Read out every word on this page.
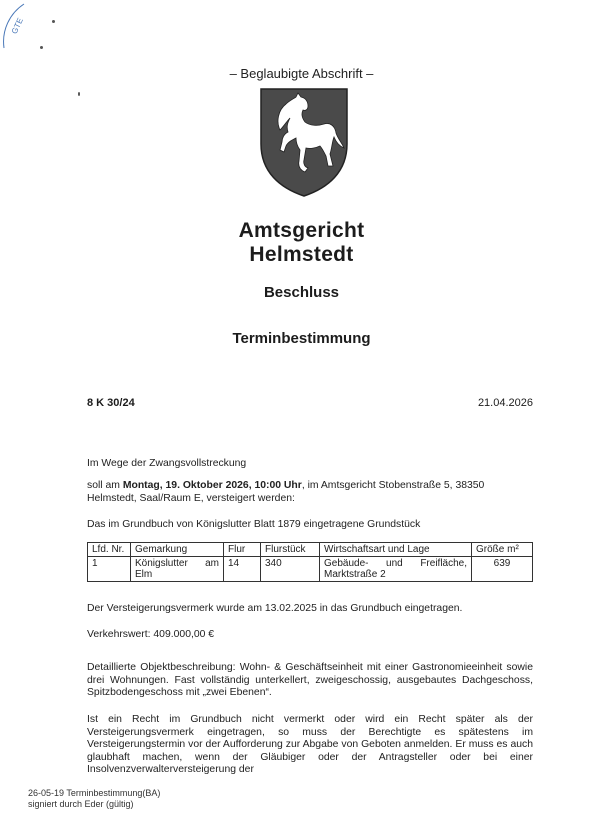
GTE
– Beglaubigte Abschrift –
Amtsgericht
Helmstedt
Beschluss
Terminbestimmung
8 K 30/24	21.04.2026
Im Wege der Zwangsvollstreckung
soll am Montag, 19. Oktober 2026, 10:00 Uhr, im Amtsgericht Stobenstraße 5, 38350 Helmstedt, Saal/Raum E, versteigert werden:
Das im Grundbuch von Königslutter Blatt 1879 eingetragene Grundstück
Lfd. Nr.	Gemarkung	Flur	Flurstück	Wirtschaftsart und Lage	Größe m²
1	Königslutter am Elm	14	340	Gebäude- und Freifläche, Marktstraße 2	639
Der Versteigerungsvermerk wurde am 13.02.2025 in das Grundbuch eingetragen.
Verkehrswert: 409.000,00 €
Detaillierte Objektbeschreibung: Wohn- & Geschäftseinheit mit einer Gastronomieeinheit sowie drei Wohnungen. Fast vollständig unterkellert, zweigeschossig, ausgebautes Dachgeschoss, Spitzbodengeschoss mit „zwei Ebenen“.
Ist ein Recht im Grundbuch nicht vermerkt oder wird ein Recht später als der Versteigerungsvermerk eingetragen, so muss der Berechtigte es spätestens im Versteigerungstermin vor der Aufforderung zur Abgabe von Geboten anmelden. Er muss es auch glaubhaft machen, wenn der Gläubiger oder der Antragsteller oder bei einer Insolvenzverwalterversteigerung der
26-05-19 Terminbestimmung(BA)
signiert durch Eder (gültig)
